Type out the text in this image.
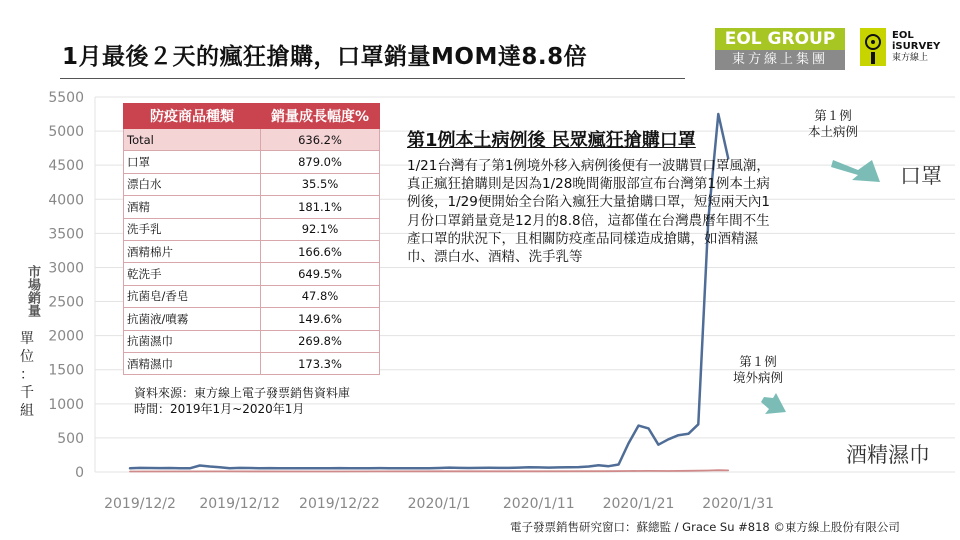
1月最後２天的瘋狂搶購，口罩銷量MOM達8.8倍
EOL GROUP
東方線上集團
EOL
iSURVEY
東方線上
0
500
1000
1500
2000
2500
3000
3500
4000
4500
5000
5500
2019/12/2 2019/12/12 2019/12/22 2020/1/1 2020/1/11 2020/1/21 2020/1/31
市場銷量
單
位
：
千
組
防疫商品種類	銷量成長幅度%
Total	636.2%
口罩	879.0%
漂白水	35.5%
酒精	181.1%
洗手乳	92.1%
酒精棉片	166.6%
乾洗手	649.5%
抗菌皂/香皂	47.8%
抗菌液/噴霧	149.6%
抗菌濕巾	269.8%
酒精濕巾	173.3%
資料來源：東方線上電子發票銷售資料庫
時間：2019年1月~2020年1月
第1例本土病例後 民眾瘋狂搶購口罩
1/21台灣有了第1例境外移入病例後便有一波購買口罩風潮，真正瘋狂搶購則是因為1/28晚間衛服部宣布台灣第1例本土病例後，1/29便開始全台陷入瘋狂大量搶購口罩，短短兩天內1月份口罩銷量竟是12月的8.8倍，這都僅在台灣農曆年間不生產口罩的狀況下，且相關防疫產品同樣造成搶購，如酒精濕巾、漂白水、酒精、洗手乳等
第１例
本土病例
第１例
境外病例
口罩
酒精濕巾
電子發票銷售研究窗口：蘇總監 / Grace Su #818 ©東方線上股份有限公司
